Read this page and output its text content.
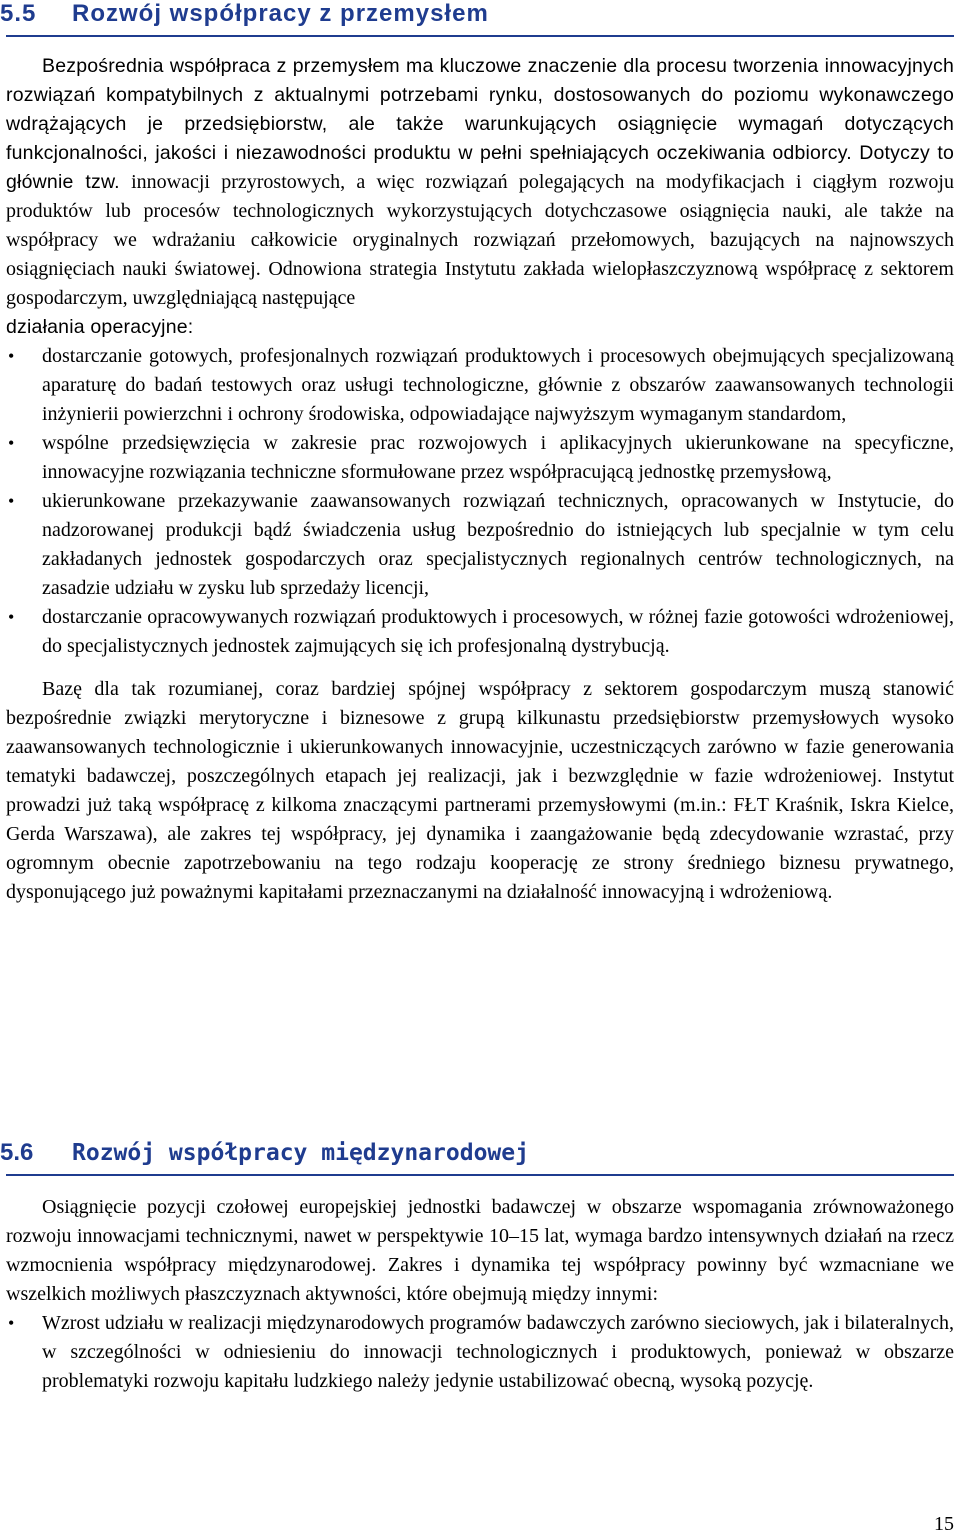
5.5	Rozwój współpracy z przemysłem

Bezpośrednia współpraca z przemysłem ma kluczowe znaczenie dla procesu tworzenia innowacyjnych rozwiązań kompatybilnych z aktualnymi potrzebami rynku, dostosowanych do poziomu wykonawczego wdrążających je przedsiębiorstw, ale także warunkujących osiągnięcie wymagań dotyczących funkcjonalności, jakości i niezawodności produktu w pełni spełniających oczekiwania odbiorcy. Dotyczy to głównie tzw. innowacji przyrostowych, a więc rozwiązań polegających na modyfikacjach i ciągłym rozwoju produktów lub procesów technologicznych wykorzystujących dotychczasowe osiągnięcia nauki, ale także na współpracy we wdrażaniu całkowicie oryginalnych rozwiązań przełomowych, bazujących na najnowszych osiągnięciach nauki światowej. Odnowiona strategia Instytutu zakłada wielopłaszczyznową współpracę z sektorem gospodarczym, uwzględniającą następujące

działania operacyjne:

• dostarczanie gotowych, profesjonalnych rozwiązań produktowych i procesowych obejmujących specjalizowaną aparaturę do badań testowych oraz usługi technologiczne, głównie z obszarów zaawansowanych technologii inżynierii powierzchni i ochrony środowiska, odpowiadające najwyższym wymaganym standardom,
• wspólne przedsięwzięcia w zakresie prac rozwojowych i aplikacyjnych ukierunkowane na specyficzne, innowacyjne rozwiązania techniczne sformułowane przez współpracującą jednostkę przemysłową,
• ukierunkowane przekazywanie zaawansowanych rozwiązań technicznych, opracowanych w Instytucie, do nadzorowanej produkcji bądź świadczenia usług bezpośrednio do istniejących lub specjalnie w tym celu zakładanych jednostek gospodarczych oraz specjalistycznych regionalnych centrów technologicznych, na zasadzie udziału w zysku lub sprzedaży licencji,
• dostarczanie opracowywanych rozwiązań produktowych i procesowych, w różnej fazie gotowości wdrożeniowej, do specjalistycznych jednostek zajmujących się ich profesjonalną dystrybucją.

Bazę dla tak rozumianej, coraz bardziej spójnej współpracy z sektorem gospodarczym muszą stanowić bezpośrednie związki merytoryczne i biznesowe z grupą kilkunastu przedsiębiorstw przemysłowych wysoko zaawansowanych technologicznie i ukierunkowanych innowacyjnie, uczestniczących zarówno w fazie generowania tematyki badawczej, poszczególnych etapach jej realizacji, jak i bezwzględnie w fazie wdrożeniowej. Instytut prowadzi już taką współpracę z kilkoma znaczącymi partnerami przemysłowymi (m.in.: FŁT Kraśnik, Iskra Kielce, Gerda Warszawa), ale zakres tej współpracy, jej dynamika i zaangażowanie będą zdecydowanie wzrastać, przy ogromnym obecnie zapotrzebowaniu na tego rodzaju kooperację ze strony średniego biznesu prywatnego, dysponującego już poważnymi kapitałami przeznaczanymi na działalność innowacyjną i wdrożeniową.

5.6	Rozwój współpracy międzynarodowej

Osiągnięcie pozycji czołowej europejskiej jednostki badawczej w obszarze wspomagania zrównoważonego rozwoju innowacjami technicznymi, nawet w perspektywie 10–15 lat, wymaga bardzo intensywnych działań na rzecz wzmocnienia współpracy międzynarodowej. Zakres i dynamika tej współpracy powinny być wzmacniane we wszelkich możliwych płaszczyznach aktywności, które obejmują między innymi:

• Wzrost udziału w realizacji międzynarodowych programów badawczych zarówno sieciowych, jak i bilateralnych, w szczególności w odniesieniu do innowacji technologicznych i produktowych, ponieważ w obszarze problematyki rozwoju kapitału ludzkiego należy jedynie ustabilizować obecną, wysoką pozycję.
15
